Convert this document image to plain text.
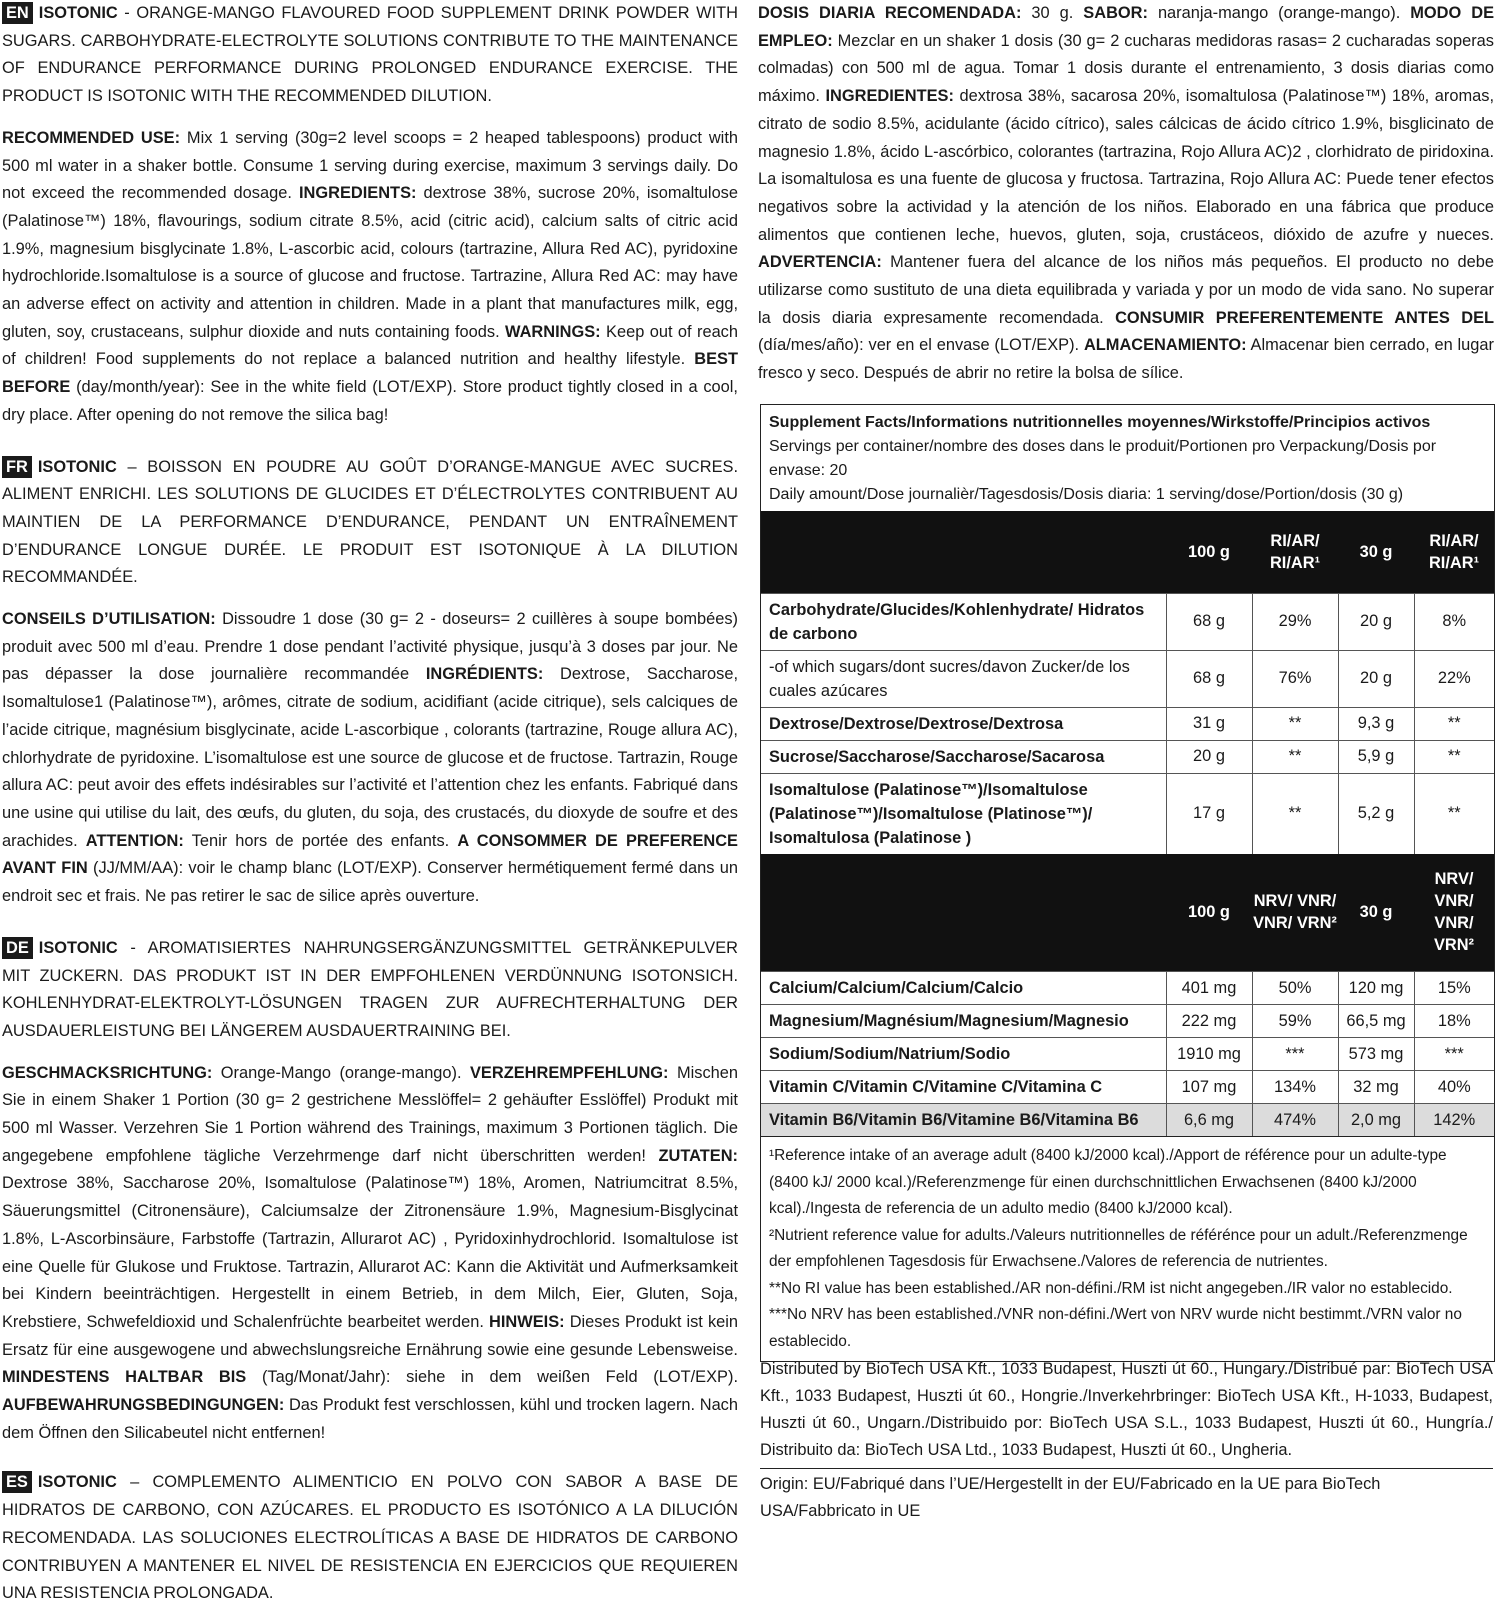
EN ISOTONIC - ORANGE-MANGO FLAVOURED FOOD SUPPLEMENT DRINK POWDER WITH SUGARS. CARBOHYDRATE-ELECTROLYTE SOLUTIONS CONTRIBUTE TO THE MAINTENANCE OF ENDURANCE PERFORMANCE DURING PROLONGED ENDURANCE EXERCISE. THE PRODUCT IS ISOTONIC WITH THE RECOMMENDED DILUTION.

RECOMMENDED USE: Mix 1 serving (30g=2 level scoops = 2 heaped tablespoons) product with 500 ml water in a shaker bottle. Consume 1 serving during exercise, maximum 3 servings daily. Do not exceed the recommended dosage. INGREDIENTS: dextrose 38%, sucrose 20%, isomaltulose (Palatinose™) 18%, flavourings, sodium citrate 8.5%, acid (citric acid), calcium salts of citric acid 1.9%, magnesium bisglycinate 1.8%, L-ascorbic acid, colours (tartrazine, Allura Red AC), pyridoxine hydrochloride.Isomaltulose is a source of glucose and fructose. Tartrazine, Allura Red AC: may have an adverse effect on activity and attention in children. Made in a plant that manufactures milk, egg, gluten, soy, crustaceans, sulphur dioxide and nuts containing foods. WARNINGS: Keep out of reach of children! Food supplements do not replace a balanced nutrition and healthy lifestyle. BEST BEFORE (day/month/year): See in the white field (LOT/EXP). Store product tightly closed in a cool, dry place. After opening do not remove the silica bag!

FR ISOTONIC – BOISSON EN POUDRE AU GOÛT D’ORANGE-MANGUE AVEC SUCRES. ALIMENT ENRICHI. LES SOLUTIONS DE GLUCIDES ET D’ÉLECTROLYTES CONTRIBUENT AU MAINTIEN DE LA PERFORMANCE D’ENDURANCE, PENDANT UN ENTRAÎNEMENT D’ENDURANCE LONGUE DURÉE. LE PRODUIT EST ISOTONIQUE À LA DILUTION RECOMMANDÉE.

CONSEILS D’UTILISATION: Dissoudre 1 dose (30 g= 2 - doseurs= 2 cuillères à soupe bombées) produit avec 500 ml d’eau. Prendre 1 dose pendant l’activité physique, jusqu’à 3 doses par jour. Ne pas dépasser la dose journalière recommandée INGRÉDIENTS: Dextrose, Saccharose, Isomaltulose1 (Palatinose™), arômes, citrate de sodium, acidifiant (acide citrique), sels calciques de l’acide citrique, magnésium bisglycinate, acide L-ascorbique , colorants (tartrazine, Rouge allura AC), chlorhydrate de pyridoxine. L’isomaltulose est une source de glucose et de fructose. Tartrazin, Rouge allura AC: peut avoir des effets indésirables sur l’activité et l’attention chez les enfants. Fabriqué dans une usine qui utilise du lait, des œufs, du gluten, du soja, des crustacés, du dioxyde de soufre et des arachides. ATTENTION: Tenir hors de portée des enfants. A CONSOMMER DE PREFERENCE AVANT FIN (JJ/MM/AA): voir le champ blanc (LOT/EXP). Conserver hermétiquement fermé dans un endroit sec et frais. Ne pas retirer le sac de silice après ouverture.

DE ISOTONIC - AROMATISIERTES NAHRUNGSERGÄNZUNGSMITTEL GETRÄNKEPULVER MIT ZUCKERN. DAS PRODUKT IST IN DER EMPFOHLENEN VERDÜNNUNG ISOTONSICH. KOHLENHYDRAT-ELEKTROLYT-LÖSUNGEN TRAGEN ZUR AUFRECHTERHALTUNG DER AUSDAUERLEISTUNG BEI LÄNGEREM AUSDAUERTRAINING BEI.

GESCHMACKSRICHTUNG: Orange-Mango (orange-mango). VERZEHREMPFEHLUNG: Mischen Sie in einem Shaker 1 Portion (30 g= 2 gestrichene Messlöffel= 2 gehäufter Esslöffel) Produkt mit 500 ml Wasser. Verzehren Sie 1 Portion während des Trainings, maximum 3 Portionen täglich. Die angegebene empfohlene tägliche Verzehrmenge darf nicht überschritten werden! ZUTATEN: Dextrose 38%, Saccharose 20%, Isomaltulose (Palatinose™) 18%, Aromen, Natriumcitrat 8.5%, Säuerungsmittel (Citronensäure), Calciumsalze der Zitronensäure 1.9%, Magnesium-Bisglycinat 1.8%, L-Ascorbinsäure, Farbstoffe (Tartrazin, Allurarot AC) , Pyridoxinhydrochlorid. Isomaltulose ist eine Quelle für Glukose und Fruktose. Tartrazin, Allurarot AC: Kann die Aktivität und Aufmerksamkeit bei Kindern beeinträchtigen. Hergestellt in einem Betrieb, in dem Milch, Eier, Gluten, Soja, Krebstiere, Schwefeldioxid und Schalenfrüchte bearbeitet werden. HINWEIS: Dieses Produkt ist kein Ersatz für eine ausgewogene und abwechslungsreiche Ernährung sowie eine gesunde Lebensweise. MINDESTENS HALTBAR BIS (Tag/Monat/Jahr): siehe in dem weißen Feld (LOT/EXP). AUFBEWAHRUNGSBEDINGUNGEN: Das Produkt fest verschlossen, kühl und trocken lagern. Nach dem Öffnen den Silicabeutel nicht entfernen!

ES ISOTONIC – COMPLEMENTO ALIMENTICIO EN POLVO CON SABOR A BASE DE HIDRATOS DE CARBONO, CON AZÚCARES. EL PRODUCTO ES ISOTÓNICO A LA DILUCIÓN RECOMENDADA. LAS SOLUCIONES ELECTROLÍTICAS A BASE DE HIDRATOS DE CARBONO CONTRIBUYEN A MANTENER EL NIVEL DE RESISTENCIA EN EJERCICIOS QUE REQUIEREN UNA RESISTENCIA PROLONGADA.

DOSIS DIARIA RECOMENDADA: 30 g. SABOR: naranja-mango (orange-mango). MODO DE EMPLEO: Mezclar en un shaker 1 dosis (30 g= 2 cucharas medidoras rasas= 2 cucharadas soperas colmadas) con 500 ml de agua. Tomar 1 dosis durante el entrenamiento, 3 dosis diarias como máximo. INGREDIENTES: dextrosa 38%, sacarosa 20%, isomaltulosa (Palatinose™) 18%, aromas, citrato de sodio 8.5%, acidulante (ácido cítrico), sales cálcicas de ácido cítrico 1.9%, bisglicinato de magnesio 1.8%, ácido L-ascórbico, colorantes (tartrazina, Rojo Allura AC)2 , clorhidrato de piridoxina. La isomaltulosa es una fuente de glucosa y fructosa. Tartrazina, Rojo Allura AC: Puede tener efectos negativos sobre la actividad y la atención de los niños. Elaborado en una fábrica que produce alimentos que contienen leche, huevos, gluten, soja, crustáceos, dióxido de azufre y nueces. ADVERTENCIA: Mantener fuera del alcance de los niños más pequeños. El producto no debe utilizarse como sustituto de una dieta equilibrada y variada y por un modo de vida sano. No superar la dosis diaria expresamente recomendada. CONSUMIR PREFERENTEMENTE ANTES DEL (día/mes/año): ver en el envase (LOT/EXP). ALMACENAMIENTO: Almacenar bien cerrado, en lugar fresco y seco. Después de abrir no retire la bolsa de sílice.

Supplement Facts/Informations nutritionnelles moyennes/Wirkstoffe/Principios activos
Servings per container/nombre des doses dans le produit/Portionen pro Verpackung/Dosis por envase: 20
Daily amount/Dose journalièr/Tagesdosis/Dosis diaria: 1 serving/dose/Portion/dosis (30 g)
	100 g	RI/AR/ RI/AR¹	30 g	RI/AR/ RI/AR¹
Carbohydrate/Glucides/Kohlenhydrate/ Hidratos de carbono	68 g	29%	20 g	8%
-of which sugars/dont sucres/davon Zucker/de los cuales azúcares	68 g	76%	20 g	22%
Dextrose/Dextrose/Dextrose/Dextrosa	31 g	**	9,3 g	**
Sucrose/Saccharose/Saccharose/Sacarosa	20 g	**	5,9 g	**
Isomaltulose (Palatinose™)/Isomaltulose (Palatinose™)/Isomaltulose (Platinose™)/ Isomaltulosa (Palatinose )	17 g	**	5,2 g	**
	100 g	NRV/ VNR/ VNR/ VRN²	30 g	NRV/ VNR/ VNR/ VRN²
Calcium/Calcium/Calcium/Calcio	401 mg	50%	120 mg	15%
Magnesium/Magnésium/Magnesium/Magnesio	222 mg	59%	66,5 mg	18%
Sodium/Sodium/Natrium/Sodio	1910 mg	***	573 mg	***
Vitamin C/Vitamin C/Vitamine C/Vitamina C	107 mg	134%	32 mg	40%
Vitamin B6/Vitamin B6/Vitamine B6/Vitamina B6	6,6 mg	474%	2,0 mg	142%
¹Reference intake of an average adult (8400 kJ/2000 kcal)./Apport de référence pour un adulte-type (8400 kJ/ 2000 kcal.)/Referenzmenge für einen durchschnittlichen Erwachsenen (8400 kJ/2000 kcal)./Ingesta de referencia de un adulto medio (8400 kJ/2000 kcal).
²Nutrient reference value for adults./Valeurs nutritionnelles de référénce pour un adult./Referenzmenge der empfohlenen Tagesdosis für Erwachsene./Valores de referencia de nutrientes.
**No RI value has been established./AR non-défini./RM ist nicht angegeben./IR valor no establecido.
***No NRV has been established./VNR non-défini./Wert von NRV wurde nicht bestimmt./VRN valor no establecido.
Distributed by BioTech USA Kft., 1033 Budapest, Huszti út 60., Hungary./Distribué par: BioTech USA Kft., 1033 Budapest, Huszti út 60., Hongrie./Inverkehrbringer: BioTech USA Kft., H-1033, Budapest, Huszti út 60., Ungarn./Distribuido por: BioTech USA S.L., 1033 Budapest, Huszti út 60., Hungría./ Distribuito da: BioTech USA Ltd., 1033 Budapest, Huszti út 60., Ungheria.
Origin: EU/Fabriqué dans l’UE/Hergestellt in der EU/Fabricado en la UE para BioTech USA/Fabbricato in UE
